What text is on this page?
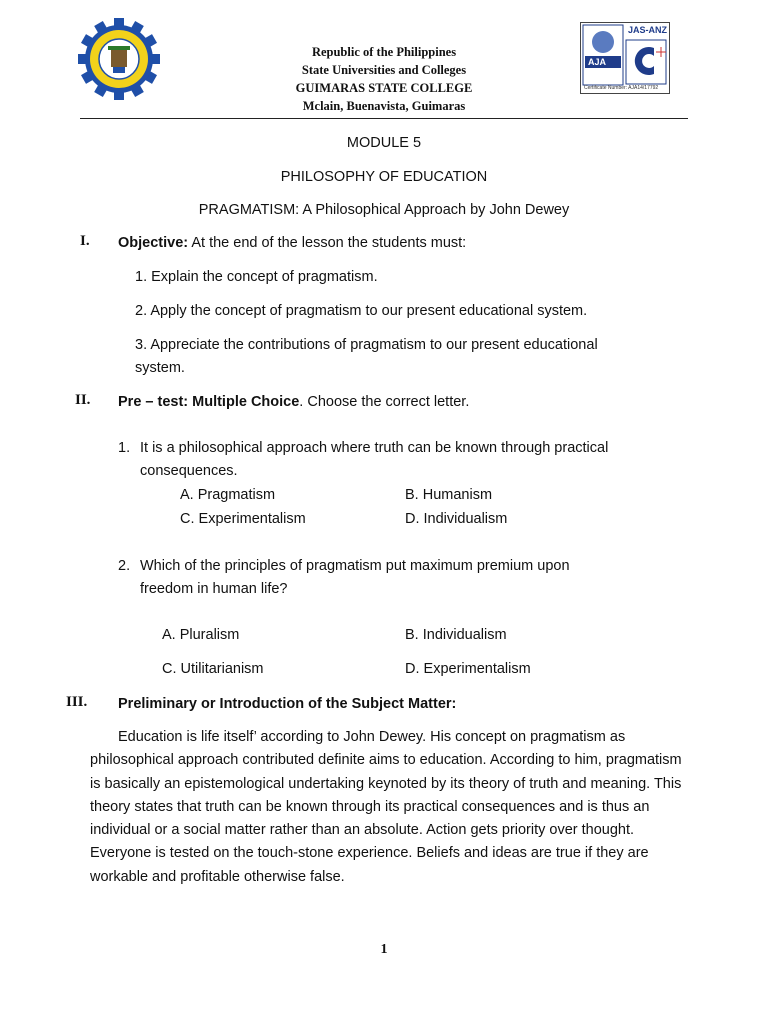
Republic of the Philippines
State Universities and Colleges
GUIMARAS STATE COLLEGE
Mclain, Buenavista, Guimaras
JAS-ANZ
AJA
Certificate Number: AJA14/17792
MODULE 5
PHILOSOPHY OF EDUCATION
PRAGMATISM: A Philosophical Approach by John Dewey
I. Objective: At the end of the lesson the students must:
1. Explain the concept of pragmatism.
2. Apply the concept of pragmatism to our present educational system.
3. Appreciate the contributions of pragmatism to our present educational
system.
II. Pre – test: Multiple Choice. Choose the correct letter.
1. It is a philosophical approach where truth can be known through practical
consequences.
A. Pragmatism	B. Humanism
C. Experimentalism	D. Individualism
2. Which of the principles of pragmatism put maximum premium upon
freedom in human life?
A. Pluralism	B. Individualism
C. Utilitarianism	D. Experimentalism
III. Preliminary or Introduction of the Subject Matter:
Education is life itself’ according to John Dewey. His concept on pragmatism as philosophical approach contributed definite aims to education. According to him, pragmatism is basically an epistemological undertaking keynoted by its theory of truth and meaning. This theory states that truth can be known through its practical consequences and is thus an individual or a social matter rather than an absolute. Action gets priority over thought. Everyone is tested on the touch-stone experience. Beliefs and ideas are true if they are workable and profitable otherwise false.
1
